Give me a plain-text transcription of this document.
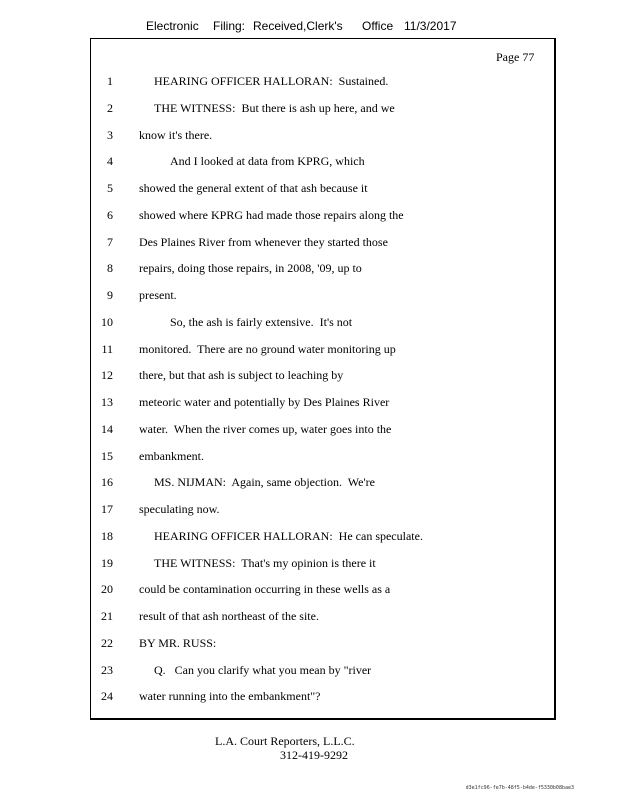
Electronic Filing: Received,Clerk's Office 11/3/2017
Page 77
1	HEARING OFFICER HALLORAN:  Sustained.
2	THE WITNESS:  But there is ash up here, and we
3 know it's there.
4	And I looked at data from KPRG, which
5 showed the general extent of that ash because it
6 showed where KPRG had made those repairs along the
7 Des Plaines River from whenever they started those
8 repairs, doing those repairs, in 2008, '09, up to
9 present.
10	So, the ash is fairly extensive.  It's not
11 monitored.  There are no ground water monitoring up
12 there, but that ash is subject to leaching by
13 meteoric water and potentially by Des Plaines River
14 water.  When the river comes up, water goes into the
15 embankment.
16	MS. NIJMAN:  Again, same objection.  We're
17 speculating now.
18	HEARING OFFICER HALLORAN:  He can speculate.
19	THE WITNESS:  That's my opinion is there it
20 could be contamination occurring in these wells as a
21 result of that ash northeast of the site.
22 BY MR. RUSS:
23	Q.   Can you clarify what you mean by "river
24 water running into the embankment"?
L.A. Court Reporters, L.L.C.
312-419-9292
d3e1fc96-fe7b-48f5-b4de-f5330b08bae3
